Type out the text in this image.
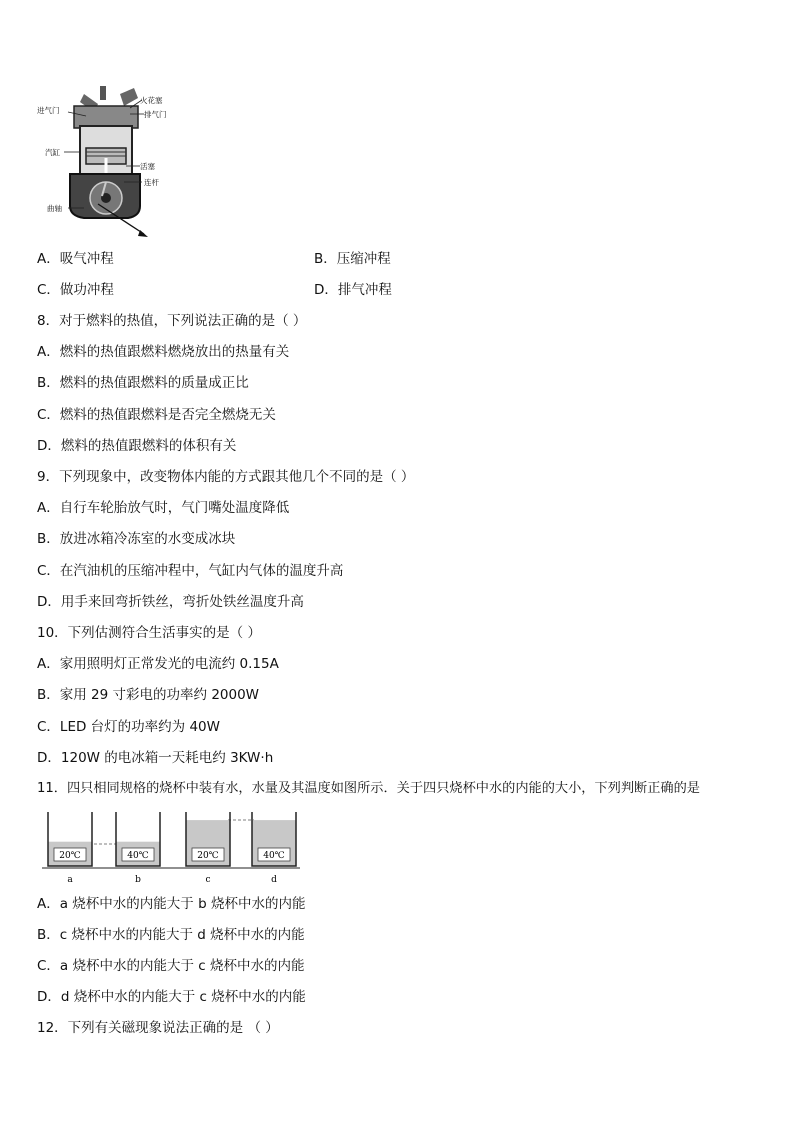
进气门
火花塞
排气门
汽缸
活塞
连杆
曲轴
A．吸气冲程	B．压缩冲程
C．做功冲程	D．排气冲程
8．对于燃料的热值，下列说法正确的是（ ）
A．燃料的热值跟燃料燃烧放出的热量有关
B．燃料的热值跟燃料的质量成正比
C．燃料的热值跟燃料是否完全燃烧无关
D．燃料的热值跟燃料的体积有关
9．下列现象中，改变物体内能的方式跟其他几个不同的是（ ）
A．自行车轮胎放气时，气门嘴处温度降低
B．放进冰箱冷冻室的水变成冰块
C．在汽油机的压缩冲程中，气缸内气体的温度升高
D．用手来回弯折铁丝，弯折处铁丝温度升高
10．下列估测符合生活事实的是（ ）
A．家用照明灯正常发光的电流约 0.15A
B．家用 29 寸彩电的功率约 2000W
C．LED 台灯的功率约为 40W
D．120W 的电冰箱一天耗电约 3KW·h
11．四只相同规格的烧杯中装有水，水量及其温度如图所示．关于四只烧杯中水的内能的大小，下列判断正确的是
20℃
a
40℃
b
20℃
c
40℃
d
A．a 烧杯中水的内能大于 b 烧杯中水的内能
B．c 烧杯中水的内能大于 d 烧杯中水的内能
C．a 烧杯中水的内能大于 c 烧杯中水的内能
D．d 烧杯中水的内能大于 c 烧杯中水的内能
12．下列有关磁现象说法正确的是 （ ）
